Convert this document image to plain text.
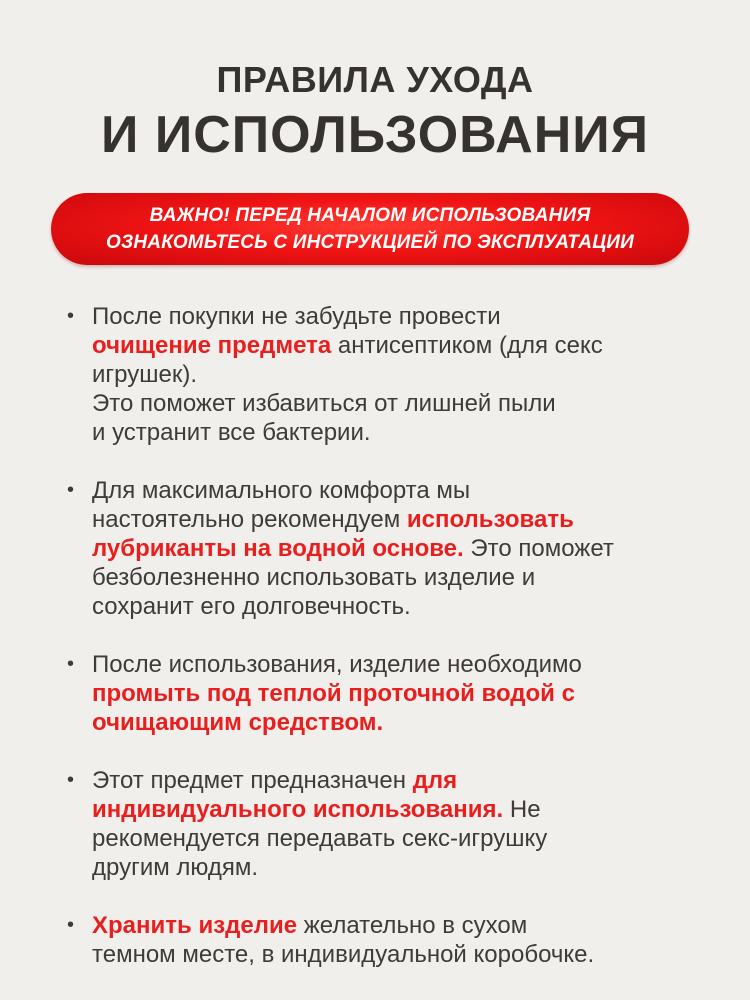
ПРАВИЛА УХОДА
И ИСПОЛЬЗОВАНИЯ
ВАЖНО! ПЕРЕД НАЧАЛОМ ИСПОЛЬЗОВАНИЯ
ОЗНАКОМЬТЕСЬ С ИНСТРУКЦИЕЙ ПО ЭКСПЛУАТАЦИИ
• После покупки не забудьте провести
очищение предмета антисептиком (для секс
игрушек).
Это поможет избавиться от лишней пыли
и устранит все бактерии.
• Для максимального комфорта мы
настоятельно рекомендуем использовать
лубриканты на водной основе. Это поможет
безболезненно использовать изделие и
сохранит его долговечность.
• После использования, изделие необходимо
промыть под теплой проточной водой с
очищающим средством.
• Этот предмет предназначен для
индивидуального использования. Не
рекомендуется передавать секс-игрушку
другим людям.
• Хранить изделие желательно в сухом
темном месте, в индивидуальной коробочке.
